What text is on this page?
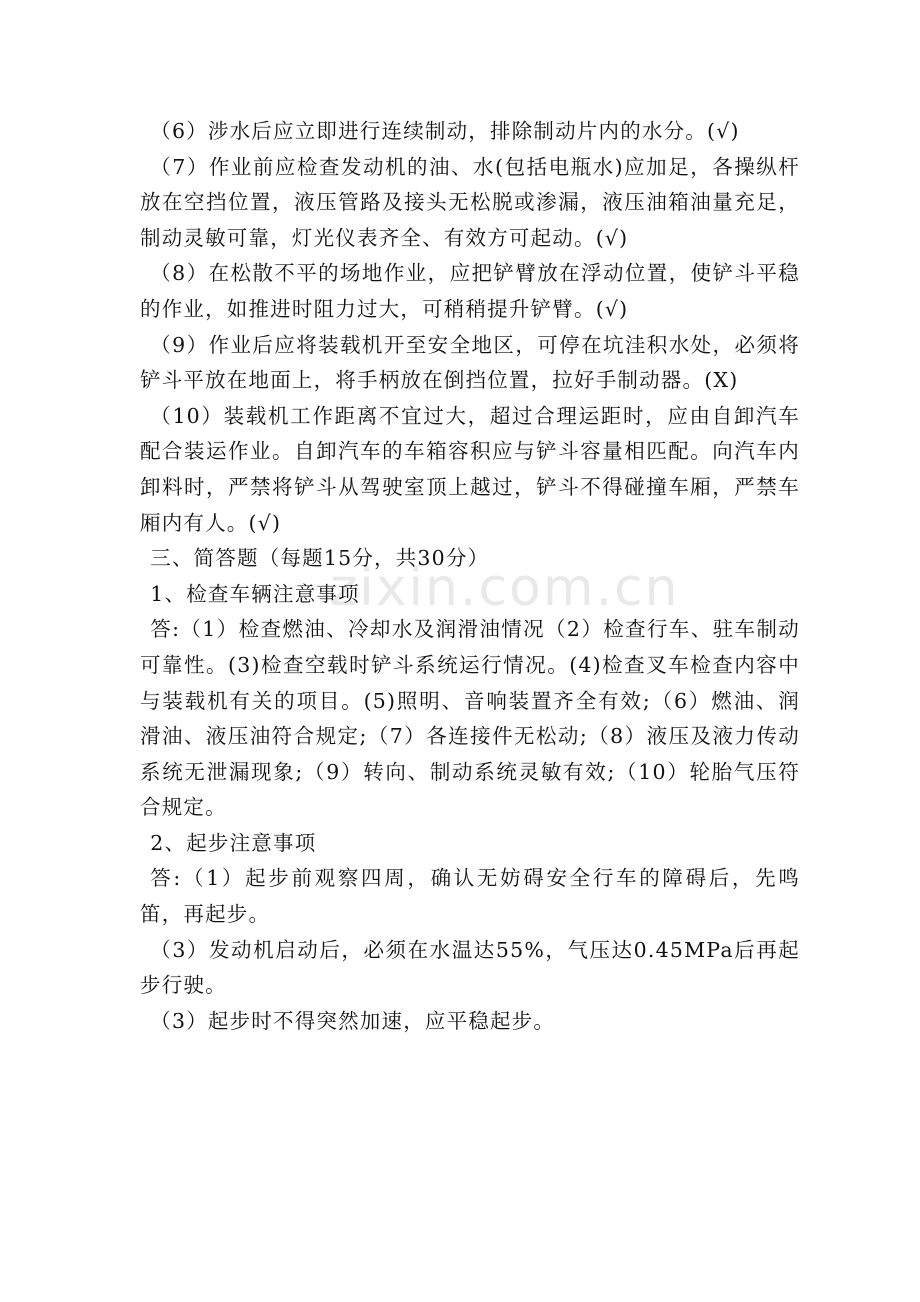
zixin.com.cn

（6）涉水后应立即进行连续制动，排除制动片内的水分。(√)

（7）作业前应检查发动机的油、水(包括电瓶水)应加足，各操纵杆放在空挡位置，液压管路及接头无松脱或渗漏，液压油箱油量充足，制动灵敏可靠，灯光仪表齐全、有效方可起动。(√)

（8）在松散不平的场地作业，应把铲臂放在浮动位置，使铲斗平稳的作业，如推进时阻力过大，可稍稍提升铲臂。(√)

（9）作业后应将装载机开至安全地区，可停在坑洼积水处，必须将铲斗平放在地面上，将手柄放在倒挡位置，拉好手制动器。(X)

（10）装载机工作距离不宜过大，超过合理运距时，应由自卸汽车配合装运作业。自卸汽车的车箱容积应与铲斗容量相匹配。向汽车内卸料时，严禁将铲斗从驾驶室顶上越过，铲斗不得碰撞车厢，严禁车厢内有人。(√)

三、简答题（每题15分，共30分）

1、检查车辆注意事项

答:（1）检查燃油、冷却水及润滑油情况（2）检查行车、驻车制动可靠性。(3)检查空载时铲斗系统运行情况。(4)检查叉车检查内容中与装载机有关的项目。(5)照明、音响装置齐全有效;（6）燃油、润滑油、液压油符合规定;（7）各连接件无松动;（8）液压及液力传动系统无泄漏现象;（9）转向、制动系统灵敏有效;（10）轮胎气压符合规定。

2、起步注意事项

答:（1）起步前观察四周，确认无妨碍安全行车的障碍后，先鸣笛，再起步。

（3）发动机启动后，必须在水温达55%，气压达0.45MPa后再起步行驶。

（3）起步时不得突然加速，应平稳起步。
